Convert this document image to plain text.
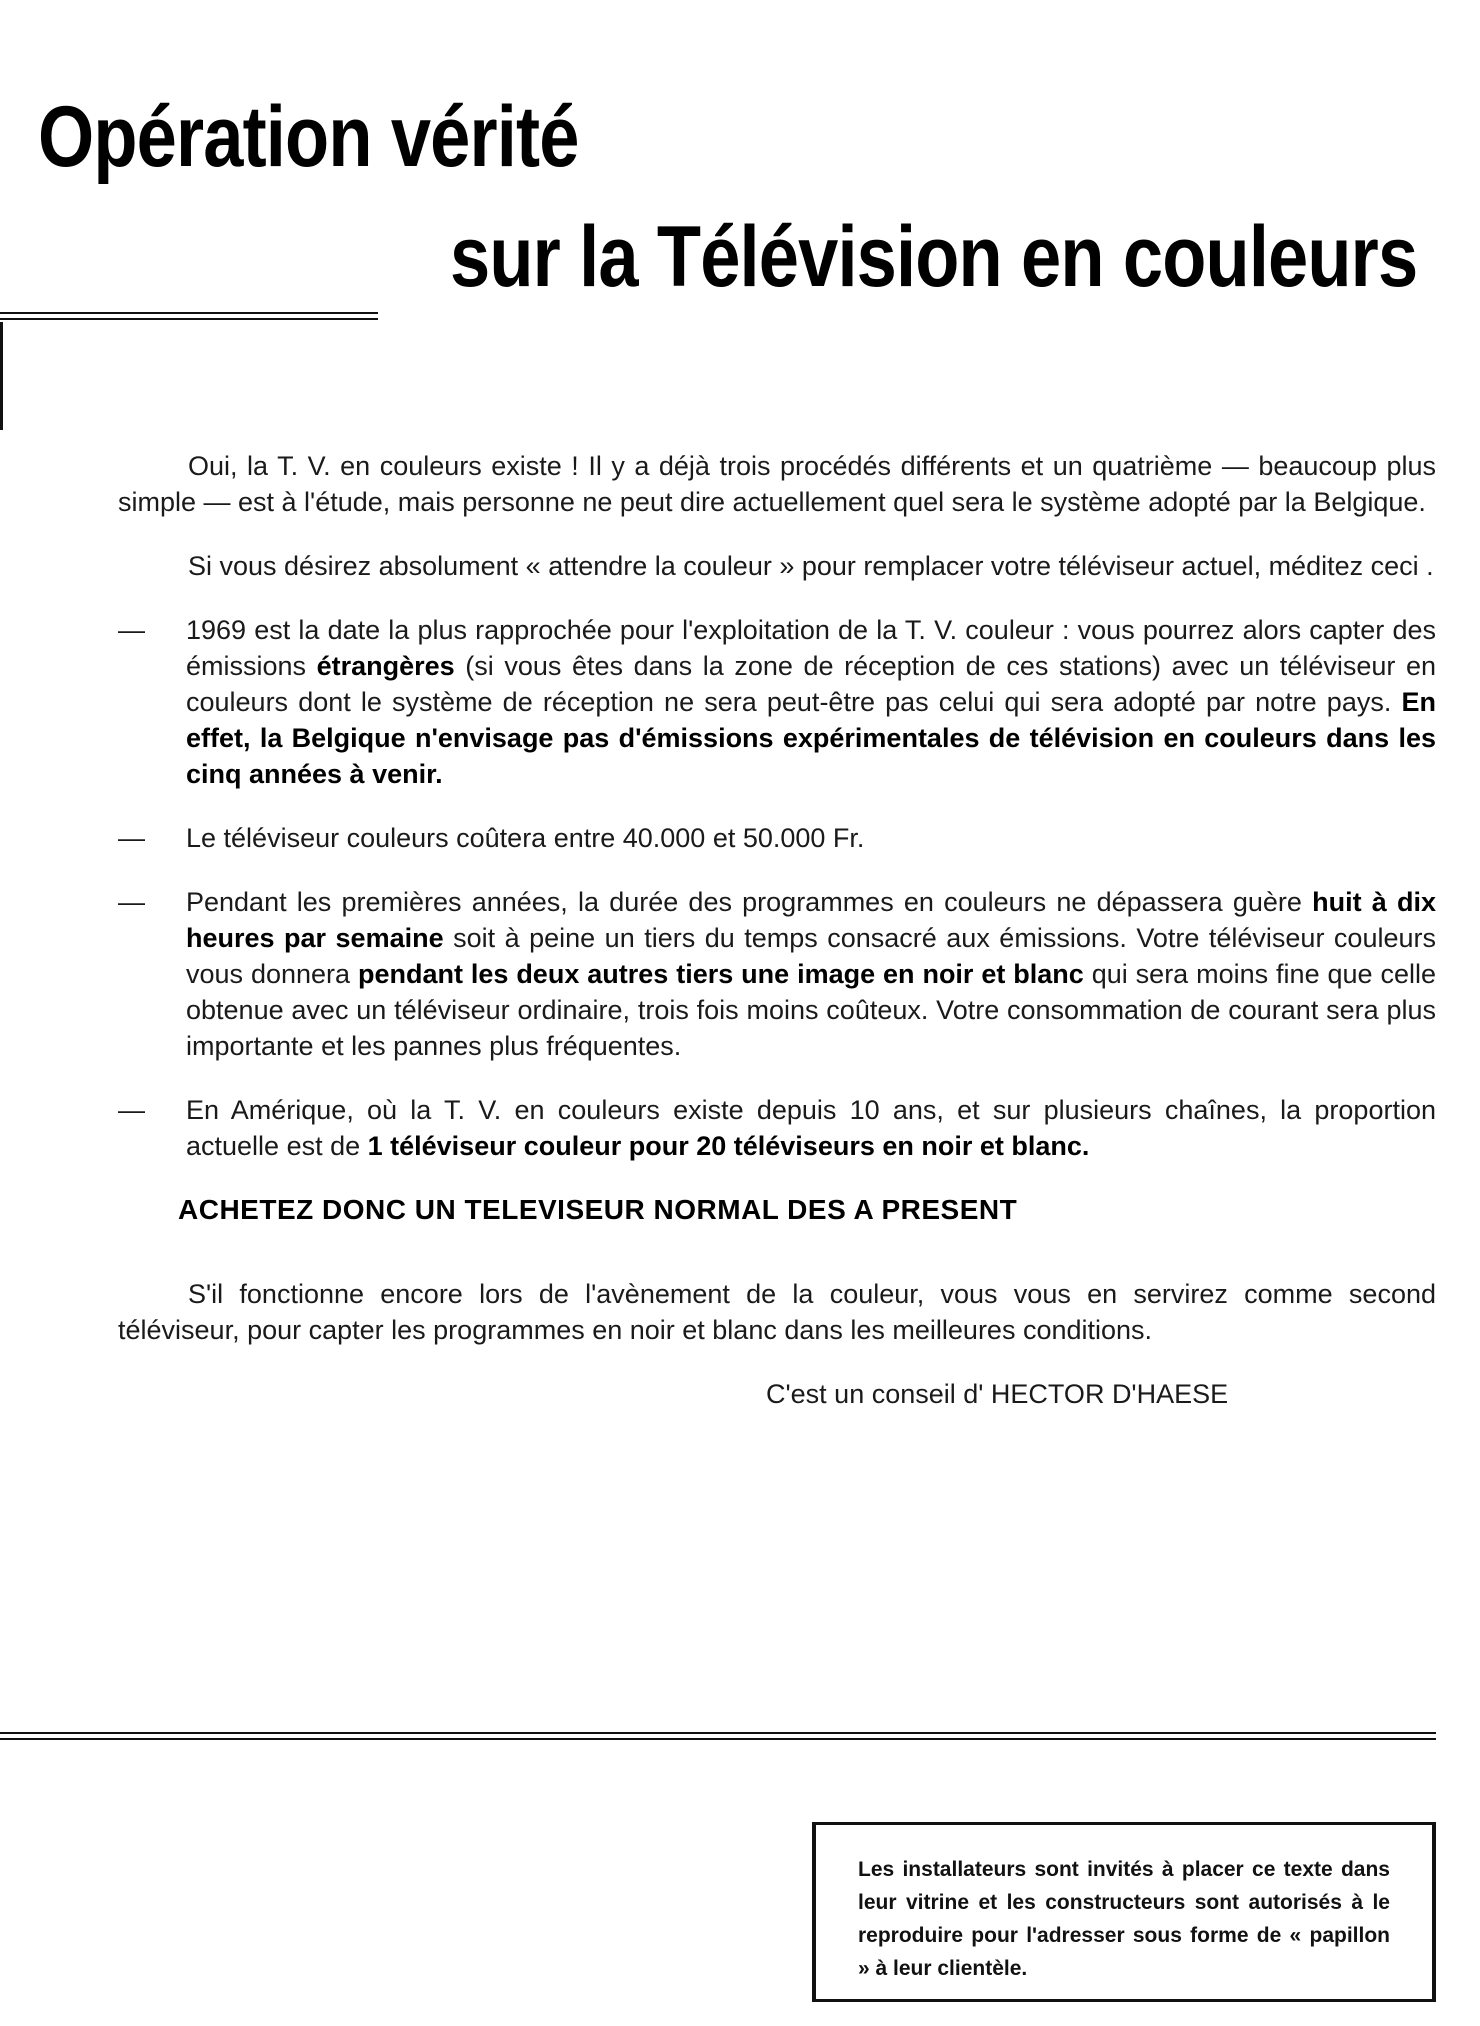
Opération vérité
sur la Télévision en couleurs

Oui, la T. V. en couleurs existe ! Il y a déjà trois procédés différents et un quatrième — beaucoup plus simple — est à l'étude, mais personne ne peut dire actuellement quel sera le système adopté par la Belgique.

Si vous désirez absolument « attendre la couleur » pour remplacer votre téléviseur actuel, méditez ceci .

—	1969 est la date la plus rapprochée pour l'exploitation de la T. V. couleur : vous pourrez alors capter des émissions étrangères (si vous êtes dans la zone de réception de ces stations) avec un téléviseur en couleurs dont le système de réception ne sera peut-être pas celui qui sera adopté par notre pays. En effet, la Belgique n'envisage pas d'émissions expérimentales de télévision en couleurs dans les cinq années à venir.
—	Le téléviseur couleurs coûtera entre 40.000 et 50.000 Fr.
—	Pendant les premières années, la durée des programmes en couleurs ne dépassera guère huit à dix heures par semaine soit à peine un tiers du temps consacré aux émissions. Votre téléviseur couleurs vous donnera pendant les deux autres tiers une image en noir et blanc qui sera moins fine que celle obtenue avec un téléviseur ordinaire, trois fois moins coûteux. Votre consommation de courant sera plus importante et les pannes plus fréquentes.
—	En Amérique, où la T. V. en couleurs existe depuis 10 ans, et sur plusieurs chaînes, la proportion actuelle est de 1 téléviseur couleur pour 20 téléviseurs en noir et blanc.
ACHETEZ DONC UN TELEVISEUR NORMAL DES A PRESENT

S'il fonctionne encore lors de l'avènement de la couleur, vous vous en servirez comme second téléviseur, pour capter les programmes en noir et blanc dans les meilleures conditions.

C'est un conseil d' HECTOR D'HAESE
Les installateurs sont invités à placer ce texte dans leur vitrine et les constructeurs sont autorisés à le reproduire pour l'adresser sous forme de « papillon » à leur clientèle.
